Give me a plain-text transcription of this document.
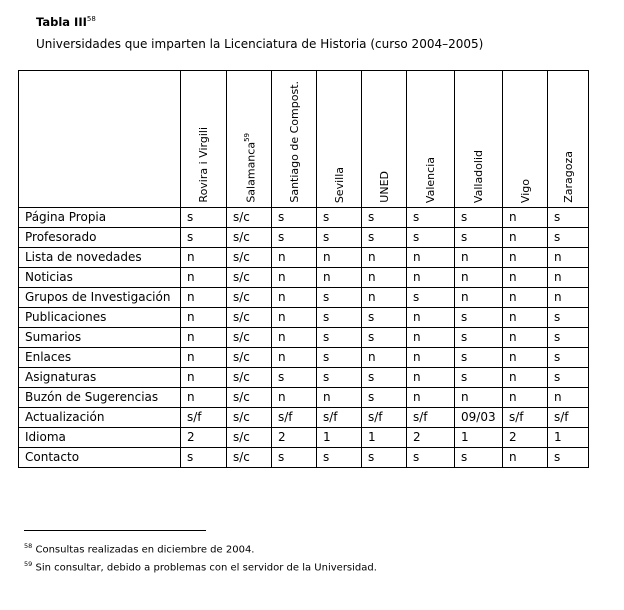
Tabla III$^{58}$
Universidades que imparten la Licenciatura de Historia (curso 2004–2005)
	Rovira i Virgili	Salamanca$^{59}$	Santiago de Compost.	Sevilla	UNED	Valencia	Valladolid	Vigo	Zaragoza
Página Propia	s	s/c	s	s	s	s	s	n	s
Profesorado	s	s/c	s	s	s	s	s	n	s
Lista de novedades	n	s/c	n	n	n	n	n	n	n
Noticias	n	s/c	n	n	n	n	n	n	n
Grupos de Investigación	n	s/c	n	s	n	s	n	n	n
Publicaciones	n	s/c	n	s	s	n	s	n	s
Sumarios	n	s/c	n	s	s	n	s	n	s
Enlaces	n	s/c	n	s	n	n	s	n	s
Asignaturas	n	s/c	s	s	s	n	s	n	s
Buzón de Sugerencias	n	s/c	n	n	s	n	n	n	n
Actualización	s/f	s/c	s/f	s/f	s/f	s/f	09/03	s/f	s/f
Idioma	2	s/c	2	1	1	2	1	2	1
Contacto	s	s/c	s	s	s	s	s	n	s
$^{58}$ Consultas realizadas en diciembre de 2004.
$^{59}$ Sin consultar, debido a problemas con el servidor de la Universidad.
